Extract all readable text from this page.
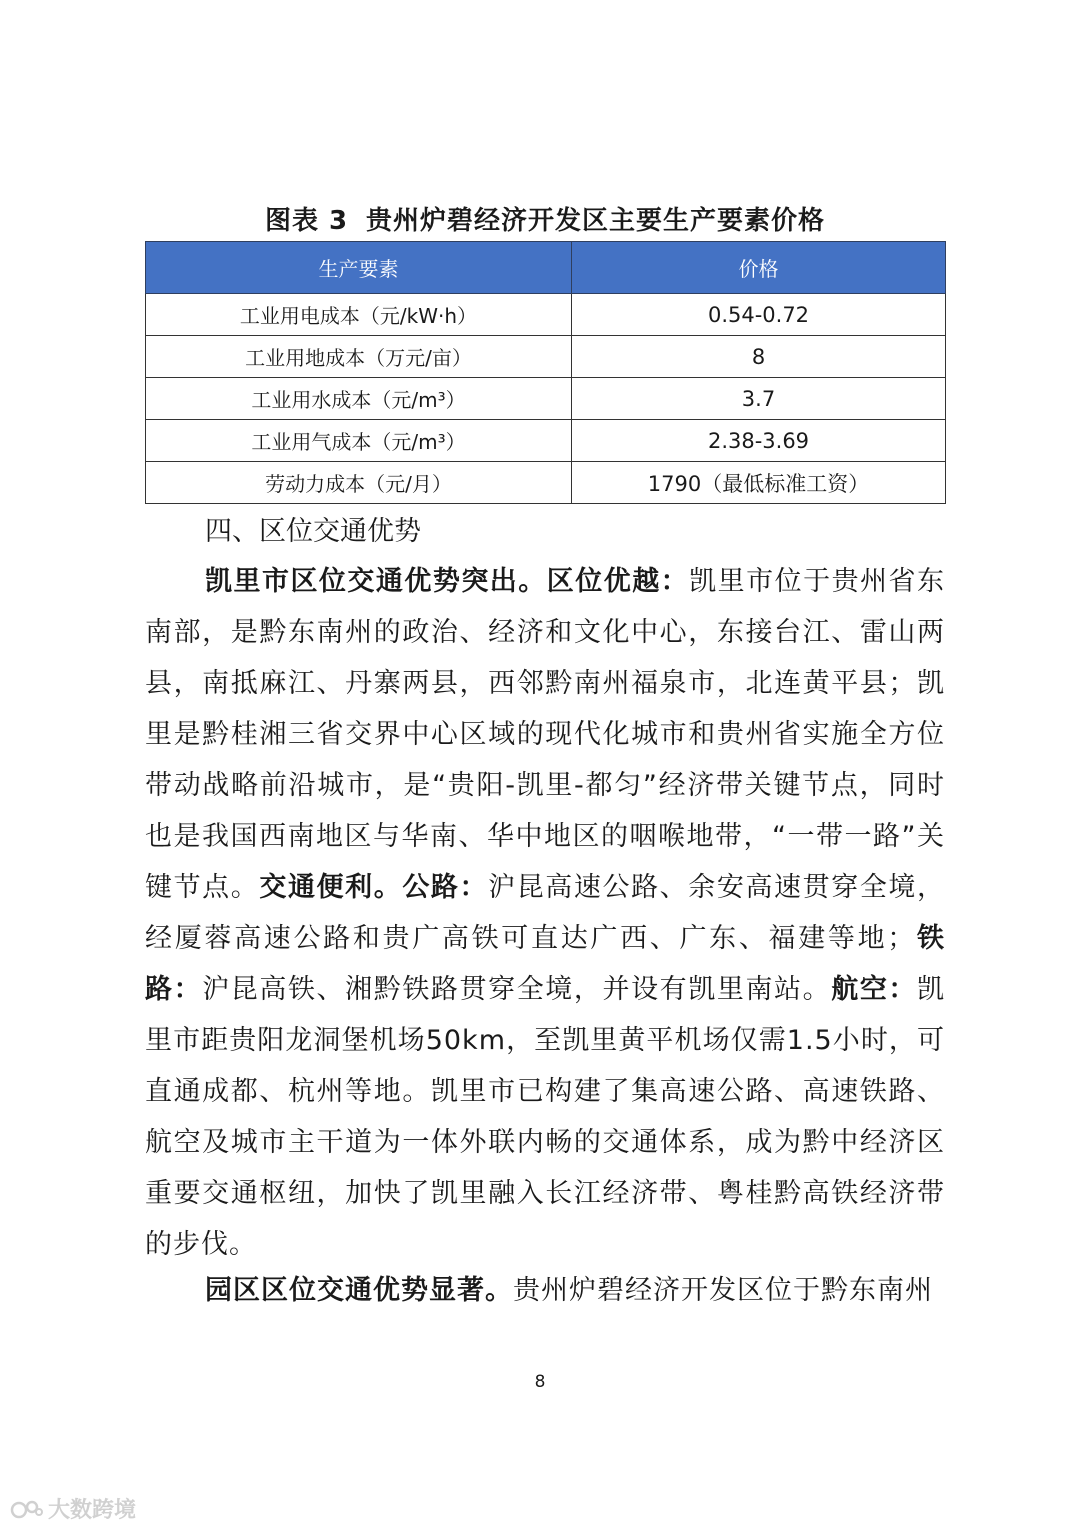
图表 3 贵州炉碧经济开发区主要生产要素价格
生产要素	价格
工业用电成本（元/kW·h）	0.54-0.72
工业用地成本（万元/亩）	8
工业用水成本（元/m³）	3.7
工业用气成本（元/m³）	2.38-3.69
劳动力成本（元/月）	1790（最低标准工资）
四、区位交通优势
凯里市区位交通优势突出。区位优越：凯里市位于贵州省东南部，是黔东南州的政治、经济和文化中心，东接台江、雷山两县，南抵麻江、丹寨两县，西邻黔南州福泉市，北连黄平县；凯里是黔桂湘三省交界中心区域的现代化城市和贵州省实施全方位带动战略前沿城市，是“贵阳-凯里-都匀”经济带关键节点，同时也是我国西南地区与华南、华中地区的咽喉地带，“一带一路”关键节点。交通便利。公路：沪昆高速公路、余安高速贯穿全境，经厦蓉高速公路和贵广高铁可直达广西、广东、福建等地；铁路：沪昆高铁、湘黔铁路贯穿全境，并设有凯里南站。航空：凯里市距贵阳龙洞堡机场50km，至凯里黄平机场仅需1.5小时，可直通成都、杭州等地。凯里市已构建了集高速公路、高速铁路、航空及城市主干道为一体外联内畅的交通体系，成为黔中经济区重要交通枢纽，加快了凯里融入长江经济带、粤桂黔高铁经济带的步伐。
园区区位交通优势显著。贵州炉碧经济开发区位于黔东南州
8
大数跨境
